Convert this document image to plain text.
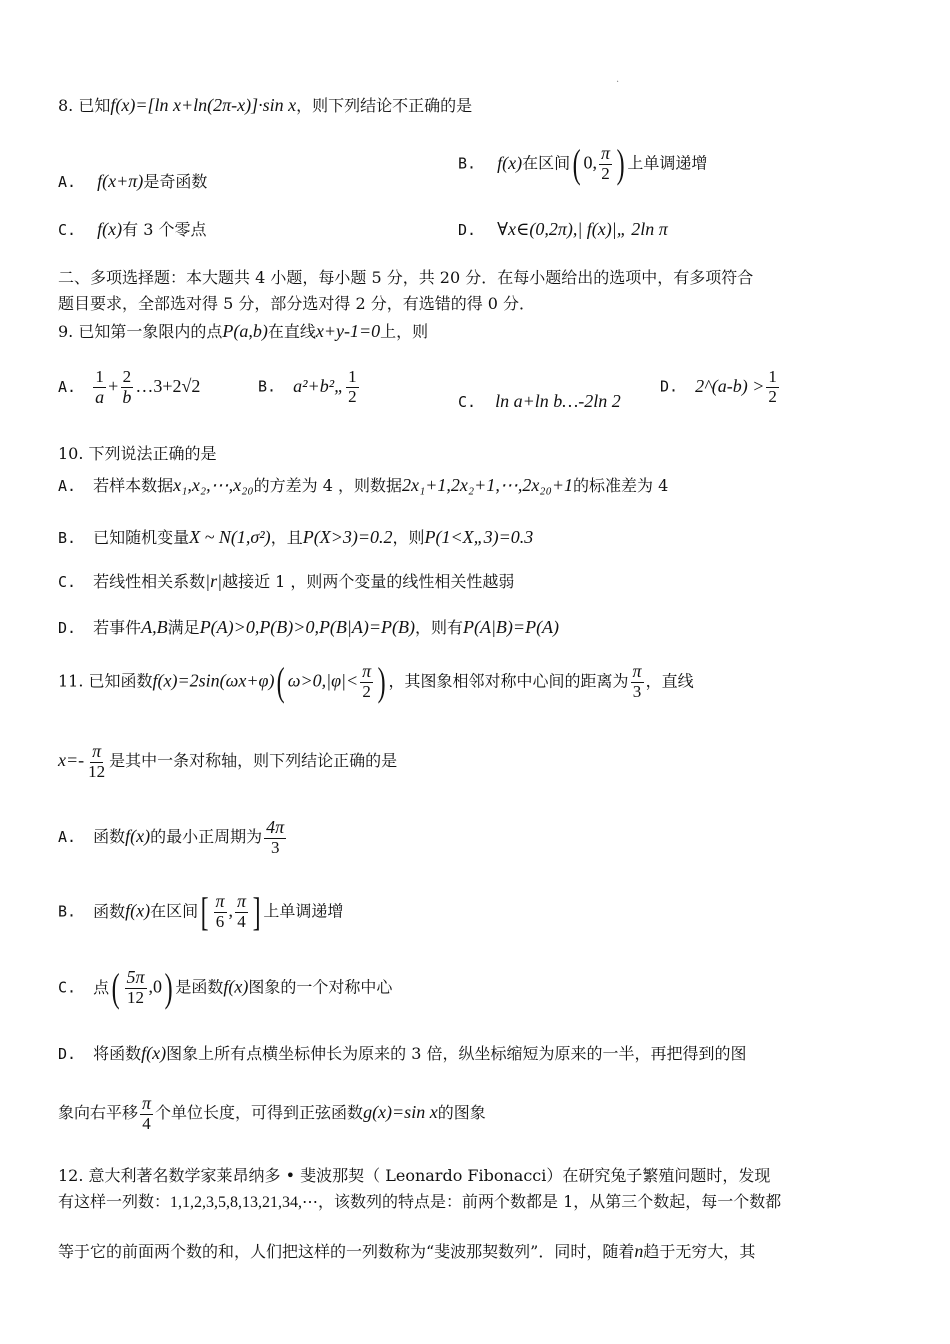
.
8. 已知f(x)=[ln x+ln(2π-x)]·sin x，则下列结论不正确的是
A. f(x+π)是奇函数
B. f(x)在区间( 0, $\frac{\pi}{2}$ ) 上单调递增
C. f(x)有 3 个零点	D. ∀x∈(0,2π),| f(x)|„ 2ln π
二、多项选择题：本大题共 4 小题，每小题 5 分，共 20 分．在每小题给出的选项中，有多项符合
题目要求，全部选对得 5 分，部分选对得 2 分，有选错的得 0 分．
9. 已知第一象限内的点P(a,b)在直线x+y-1=0上，则
A. $\frac{1}{a} + \frac{2}{b}$ …3+2√2	B. a²+b²„ $\frac{1}{2}$	C. ln a+ln b…-2ln 2
D. 2^(a-b) > $\frac{1}{2}$
10. 下列说法正确的是
A. 若样本数据x₁,x₂,⋯,x₂₀的方差为 4 ，则数据2x₁+1,2x₂+1,⋯,2x₂₀+1的标准差为 4
B. 已知随机变量X ~ N(1,σ²)，且P(X>3)=0.2，则P(1<X„3)=0.3
C. 若线性相关系数|r|越接近 1 ，则两个变量的线性相关性越弱
D. 若事件A,B满足P(A)>0,P(B)>0,P(B|A)=P(B)，则有P(A|B)=P(A)
11. 已知函数f(x)=2sin(ωx+φ)( $\omega>0,|\varphi|< \frac{\pi}{2}$ ) ，其图象相邻对称中心间的距离为 $\frac{\pi}{3}$ ，直线
$x=- \frac{\pi}{12}$ 是其中一条对称轴，则下列结论正确的是
A. 函数f(x)的最小正周期为 $\frac{4\pi}{3}$
B. 函数f(x)在区间[ $\frac{\pi}{6}$ , $\frac{\pi}{4}$ ] 上单调递增
C. 点( $\frac{5\pi}{12} ,0$) 是函数f(x)图象的一个对称中心
D. 将函数f(x)图象上所有点横坐标伸长为原来的 3 倍，纵坐标缩短为原来的一半，再把得到的图
象向右平移 $\frac{\pi}{4}$ 个单位长度，可得到正弦函数g(x)=sin x的图象
12. 意大利著名数学家莱昂纳多 • 斐波那契（ Leonardo Fibonacci）在研究兔子繁殖问题时，发现
有这样一列数：1,1,2,3,5,8,13,21,34,⋯，该数列的特点是：前两个数都是 1，从第三个数起，每一个数都
等于它的前面两个数的和，人们把这样的一列数称为“斐波那契数列”．同时，随着n趋于无穷大，其
